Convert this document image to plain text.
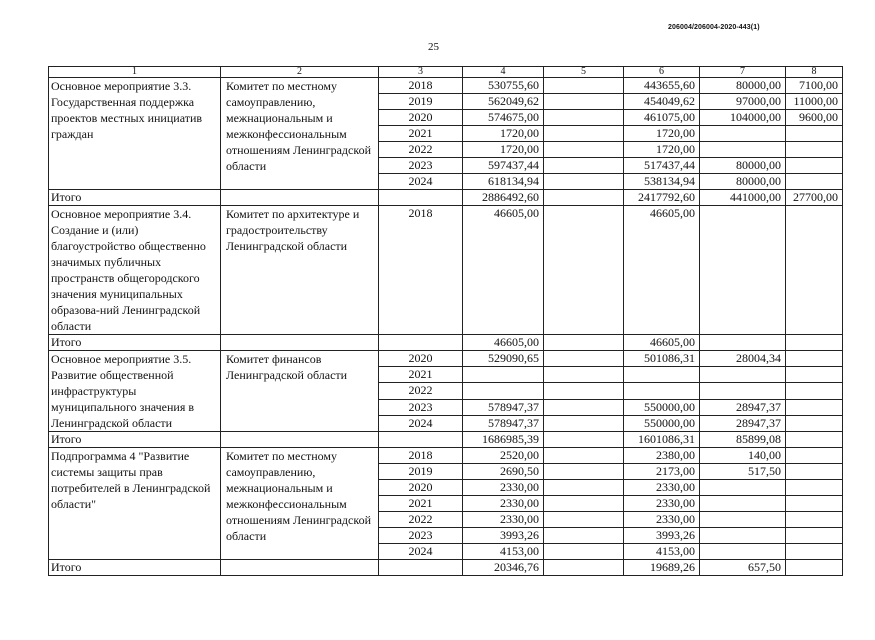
206004/206004-2020-443(1)
25
1	2	3	4	5	6	7	8
Основное мероприятие 3.3. Государственная поддержка проектов местных инициатив граждан	Комитет по местному самоуправлению, межнациональным и межконфессиональным отношениям Ленинградской области	2018	530755,60		443655,60	80000,00	7100,00
		2019	562049,62		454049,62	97000,00	11000,00
		2020	574675,00		461075,00	104000,00	9600,00
		2021	1720,00		1720,00		
		2022	1720,00		1720,00		
		2023	597437,44		517437,44	80000,00	
		2024	618134,94		538134,94	80000,00	
Итого			2886492,60		2417792,60	441000,00	27700,00
Основное мероприятие 3.4. Создание и (или) благоустройство общественно значимых публичных пространств общегородского значения муниципальных образова-ний Ленинградской области	Комитет по архитектуре и градостроительству Ленинградской области	2018	46605,00		46605,00		
Итого			46605,00		46605,00		
Основное мероприятие 3.5. Развитие общественной инфраструктуры муниципального значения в Ленинградской области	Комитет финансов Ленинградской области	2020	529090,65		501086,31	28004,34	
		2021					
		2022					
		2023	578947,37		550000,00	28947,37	
		2024	578947,37		550000,00	28947,37	
Итого			1686985,39		1601086,31	85899,08	
Подпрограмма 4 "Развитие системы защиты прав потребителей в Ленинградской области"	Комитет по местному самоуправлению, межнациональным и межконфессиональным отношениям Ленинградской области	2018	2520,00		2380,00	140,00	
		2019	2690,50		2173,00	517,50	
		2020	2330,00		2330,00		
		2021	2330,00		2330,00		
		2022	2330,00		2330,00		
		2023	3993,26		3993,26		
		2024	4153,00		4153,00		
Итого			20346,76		19689,26	657,50	
